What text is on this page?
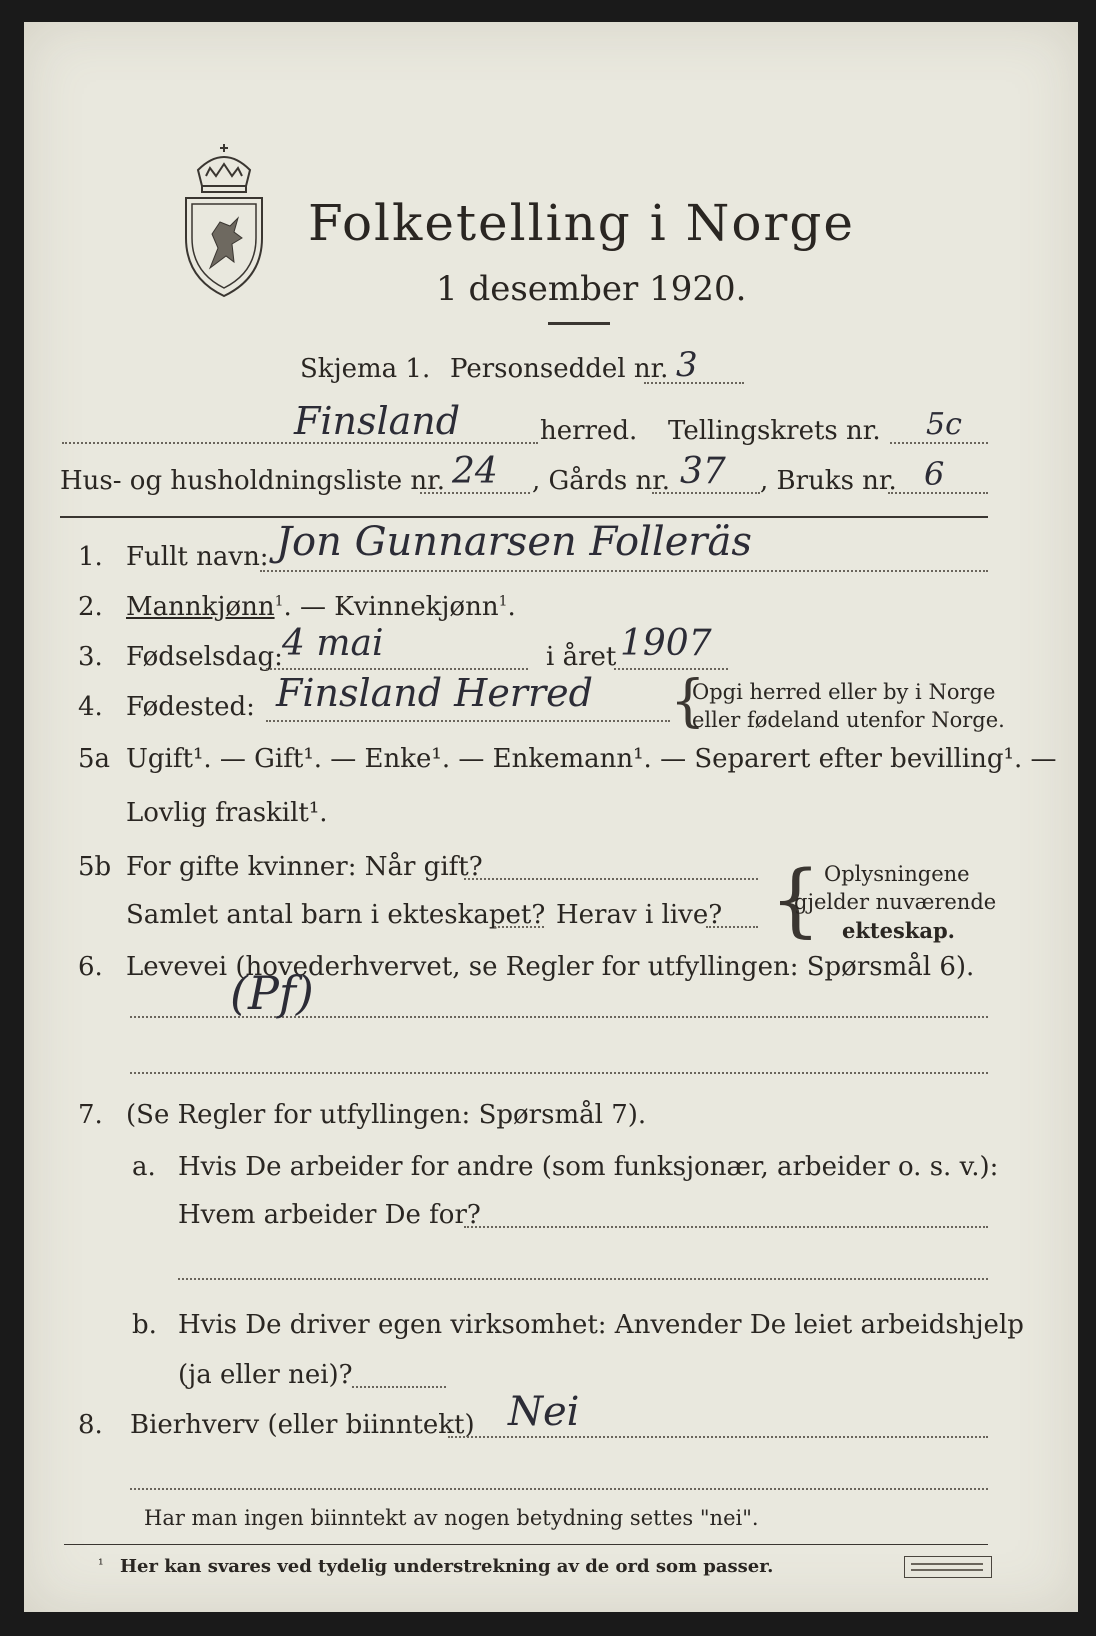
Folketelling i Norge
1 desember 1920.
Skjema 1. Personseddel nr. 3
Finsland	herred. Tellingskrets nr. 5c
Hus- og husholdningsliste nr. 24 , Gårds nr. 37 , Bruks nr. 6
1. Fullt navn: Jon Gunnarsen Folleräs
2. Mannkjønn$^1$. — Kvinnekjønn$^1$.
3. Fødselsdag: 4 mai	i året 1907
4. Fødested: Finsland Herred {
Opgi herred eller by i Norge
eller fødeland utenfor Norge.
5a Ugift¹. — Gift¹. — Enke¹. — Enkemann¹. — Separert efter bevilling¹. —
Lovlig fraskilt¹.
5b For gifte kvinner: Når gift?
Samlet antal barn i ekteskapet? Herav i live? { Oplysningene
gjelder nuværende
ekteskap.
6. Levevei (hovederhvervet, se Regler for utfyllingen: Spørsmål 6).
(Pf)
7. (Se Regler for utfyllingen: Spørsmål 7).
a. Hvis De arbeider for andre (som funksjonær, arbeider o. s. v.):
Hvem arbeider De for?
b. Hvis De driver egen virksomhet: Anvender De leiet arbeidshjelp
(ja eller nei)?
8. Bierhverv (eller biinntekt) Nei
Har man ingen biinntekt av nogen betydning settes "nei".
¹ Her kan svares ved tydelig understrekning av de ord som passer.
